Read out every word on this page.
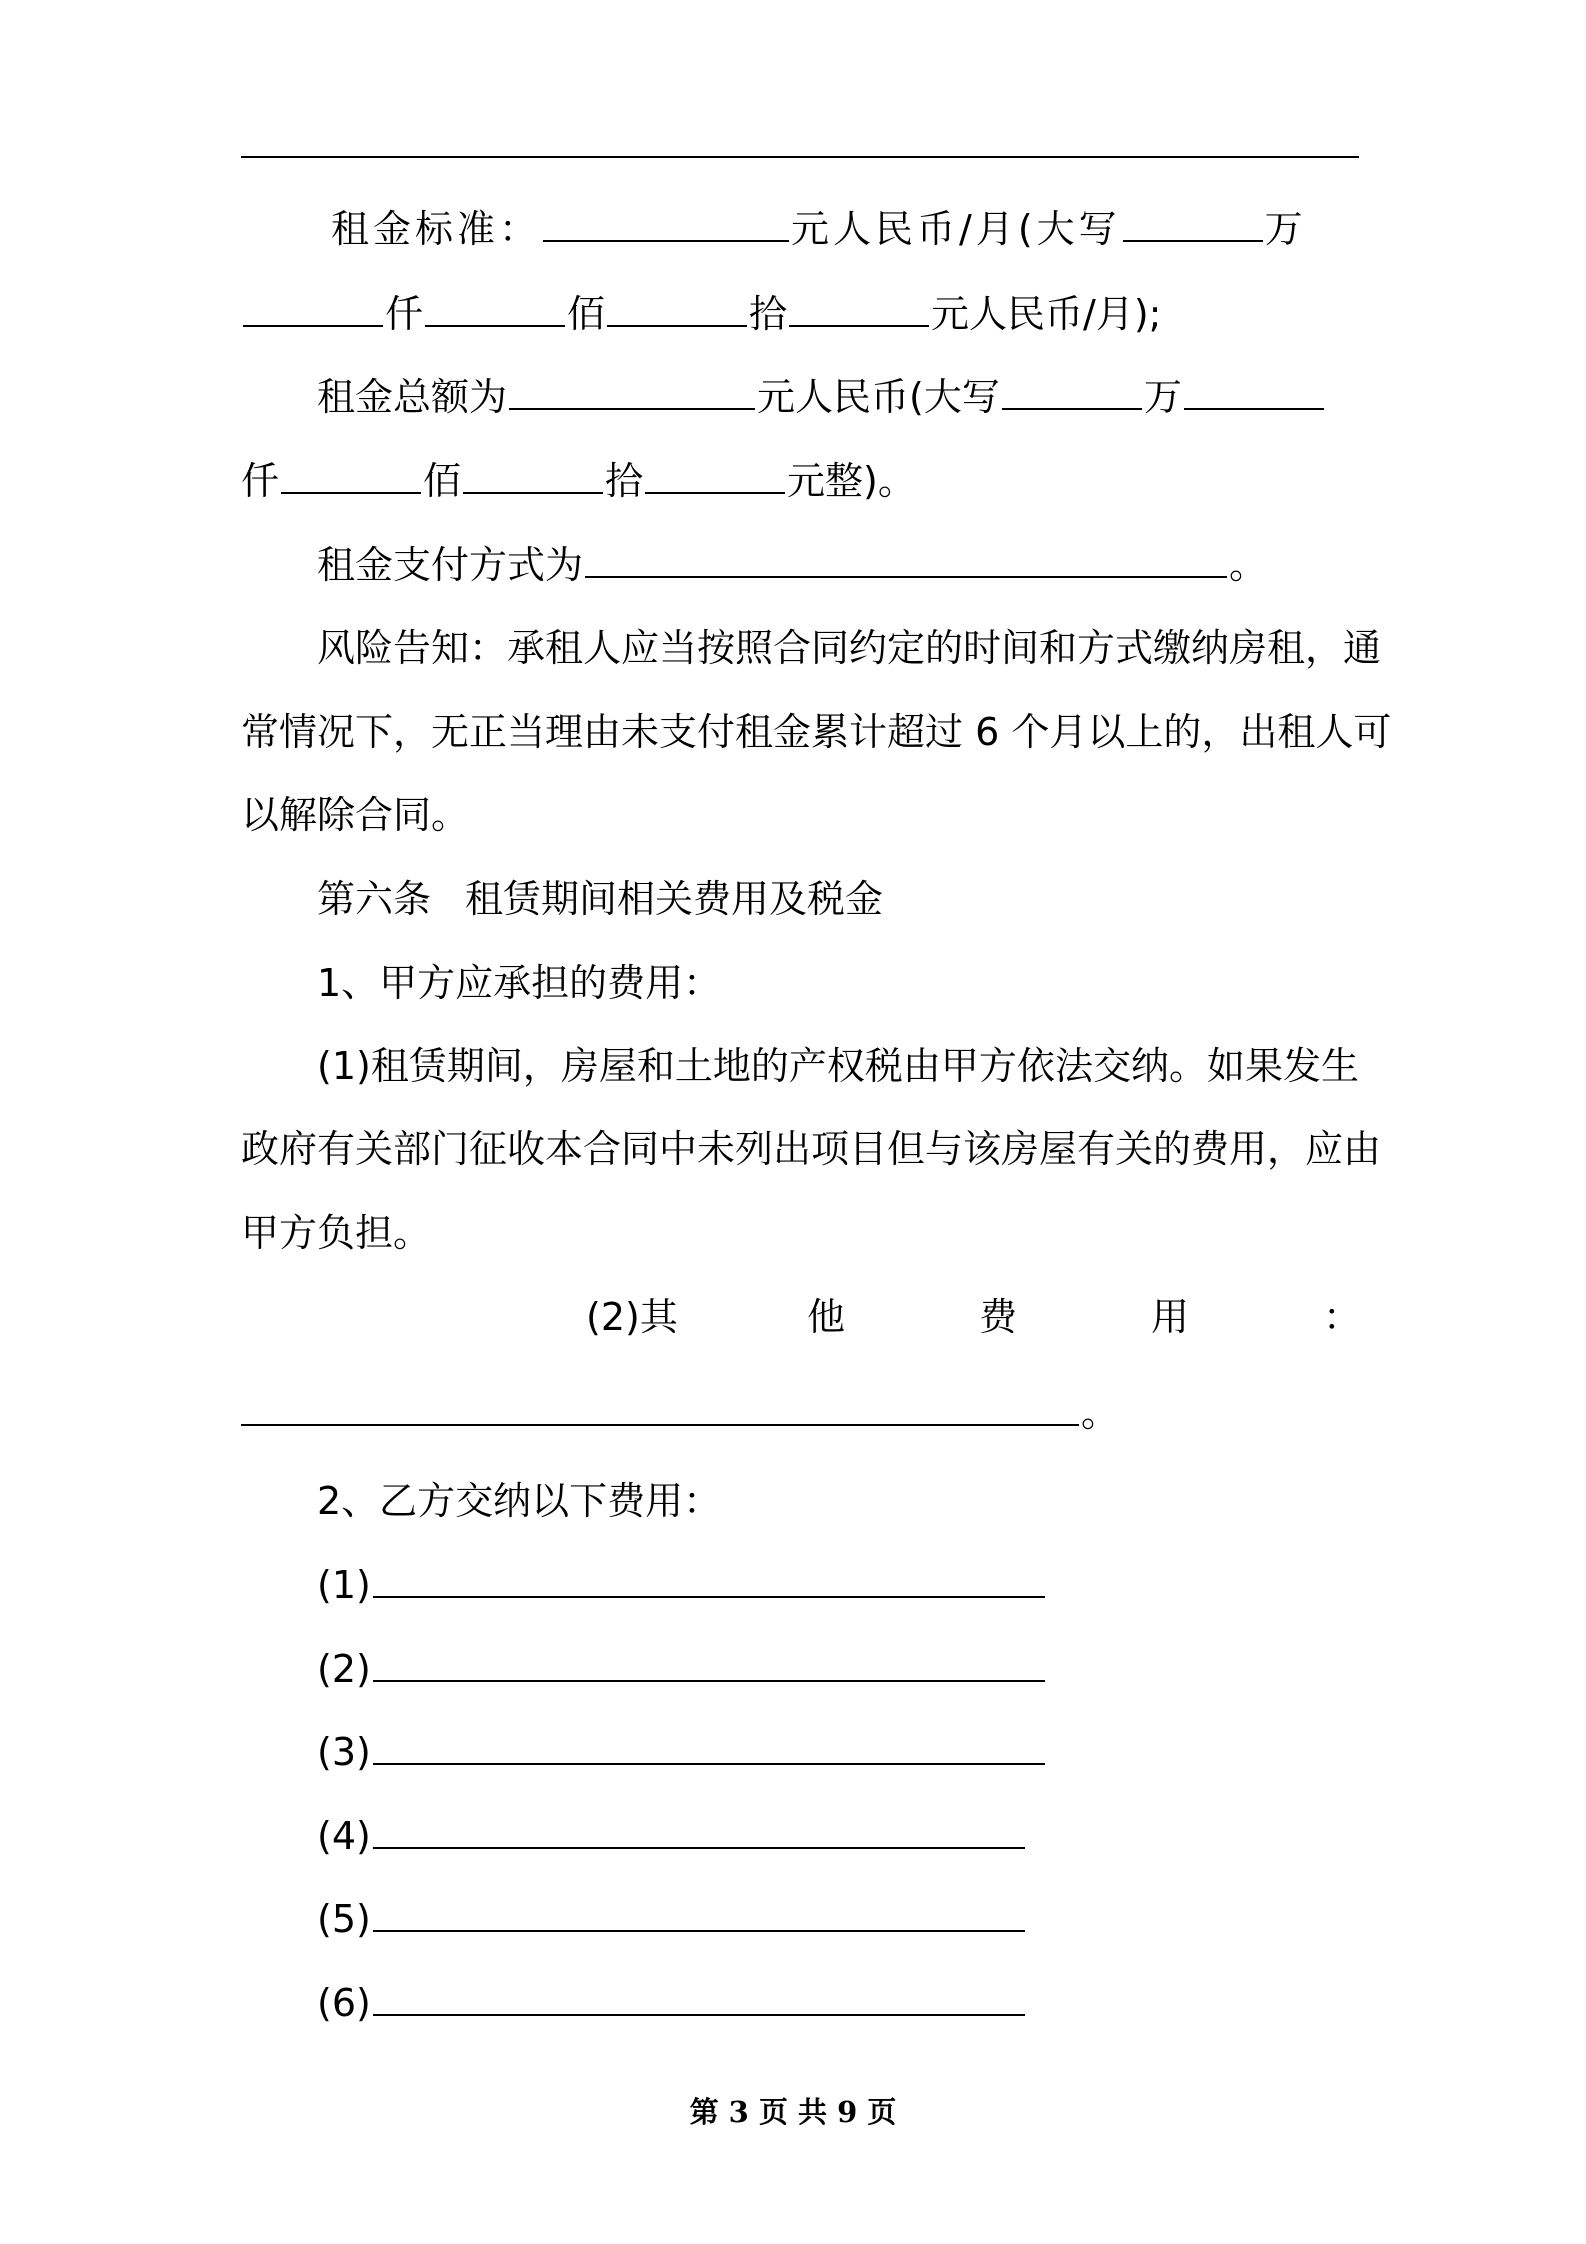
租金标准：	元人民币/月(大写	万
仟	佰	拾	元人民币/月);
租金总额为	元人民币(大写	万
仟	佰	拾	元整)。
租金支付方式为	。
风险告知：承租人应当按照合同约定的时间和方式缴纳房租，通
常情况下，无正当理由未支付租金累计超过 6 个月以上的，出租人可
以解除合同。
第六条 租赁期间相关费用及税金
1、甲方应承担的费用：
(1)租赁期间，房屋和土地的产权税由甲方依法交纳。如果发生
政府有关部门征收本合同中未列出项目但与该房屋有关的费用，应由
甲方负担。
(2)其	他	费	用	：
。
2、乙方交纳以下费用：
(1)
(2)
(3)
(4)
(5)
(6)
第 3 页 共 9 页
